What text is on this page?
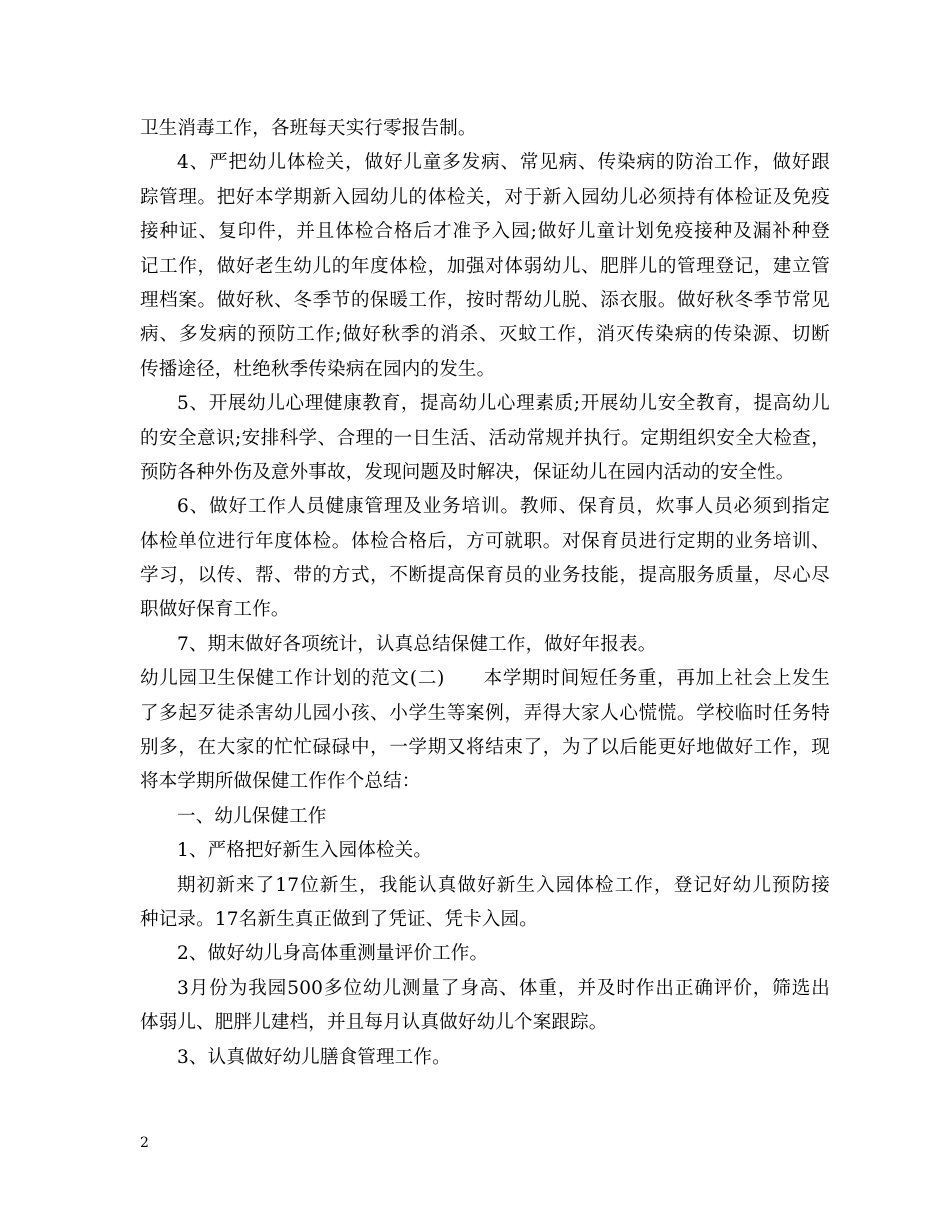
卫生消毒工作，各班每天实行零报告制。
4、严把幼儿体检关，做好儿童多发病、常见病、传染病的防治工作，做好跟
踪管理。把好本学期新入园幼儿的体检关，对于新入园幼儿必须持有体检证及免疫
接种证、复印件，并且体检合格后才准予入园;做好儿童计划免疫接种及漏补种登
记工作，做好老生幼儿的年度体检，加强对体弱幼儿、肥胖儿的管理登记，建立管
理档案。做好秋、冬季节的保暖工作，按时帮幼儿脱、添衣服。做好秋冬季节常见
病、多发病的预防工作;做好秋季的消杀、灭蚊工作，消灭传染病的传染源、切断
传播途径，杜绝秋季传染病在园内的发生。
5、开展幼儿心理健康教育，提高幼儿心理素质;开展幼儿安全教育，提高幼儿
的安全意识;安排科学、合理的一日生活、活动常规并执行。定期组织安全大检查，
预防各种外伤及意外事故，发现问题及时解决，保证幼儿在园内活动的安全性。
6、做好工作人员健康管理及业务培训。教师、保育员，炊事人员必须到指定
体检单位进行年度体检。体检合格后，方可就职。对保育员进行定期的业务培训、
学习，以传、帮、带的方式，不断提高保育员的业务技能，提高服务质量，尽心尽
职做好保育工作。
7、期末做好各项统计，认真总结保健工作，做好年报表。
幼儿园卫生保健工作计划的范文(二)　　本学期时间短任务重，再加上社会上发生
了多起歹徒杀害幼儿园小孩、小学生等案例，弄得大家人心慌慌。学校临时任务特
别多，在大家的忙忙碌碌中，一学期又将结束了，为了以后能更好地做好工作，现
将本学期所做保健工作作个总结：
一、幼儿保健工作
1、严格把好新生入园体检关。
期初新来了17位新生，我能认真做好新生入园体检工作，登记好幼儿预防接
种记录。17名新生真正做到了凭证、凭卡入园。
2、做好幼儿身高体重测量评价工作。
3月份为我园500多位幼儿测量了身高、体重，并及时作出正确评价，筛选出
体弱儿、肥胖儿建档，并且每月认真做好幼儿个案跟踪。
3、认真做好幼儿膳食管理工作。
2
